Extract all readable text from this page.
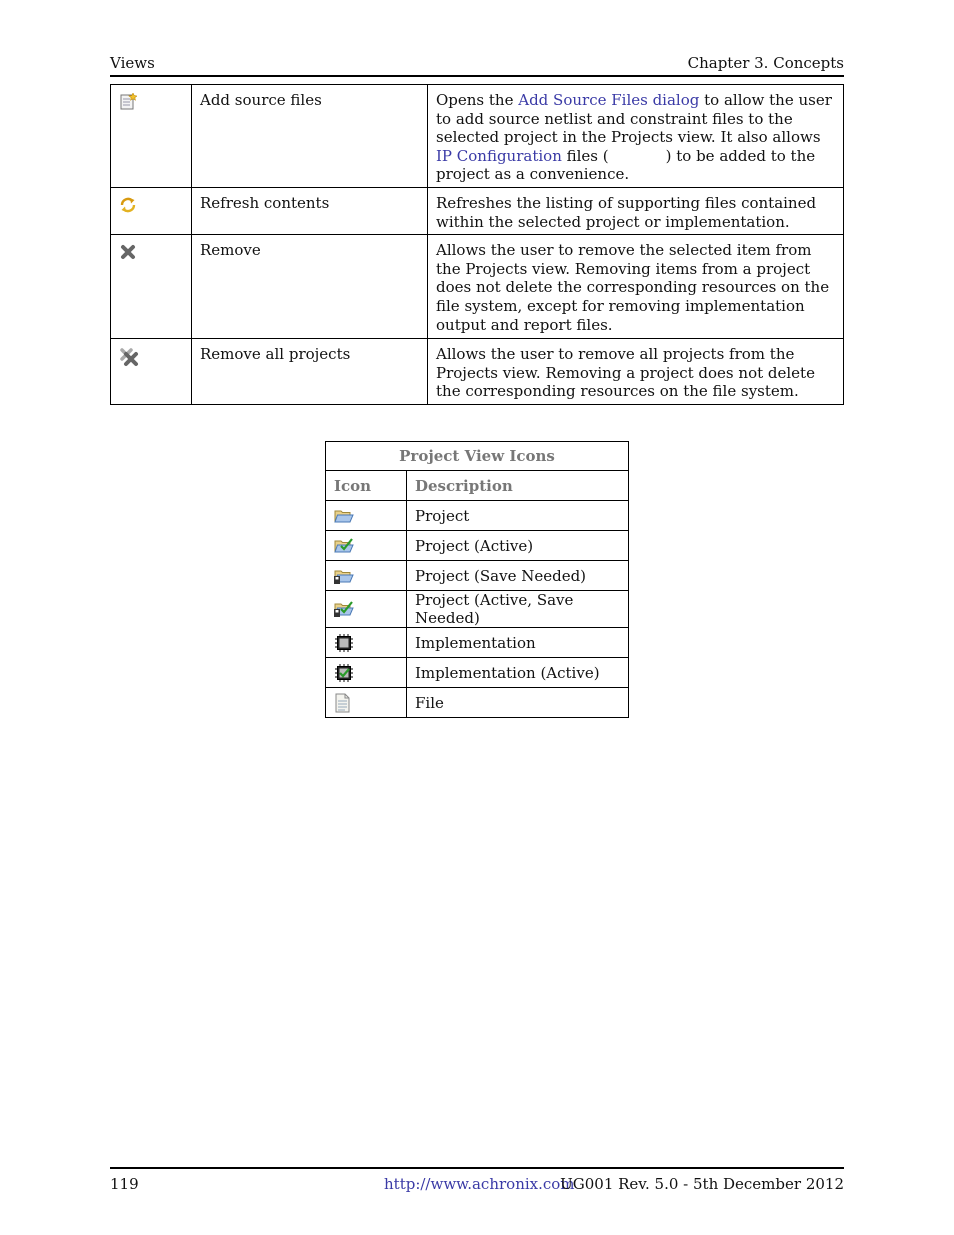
Views	Chapter 3. Concepts
	Add source files	Opens the Add Source Files dialog to allow the user to add source netlist and constraint files to the selected project in the Projects view. It also allows IP Configuration files ( ) to be added to the project as a convenience.

	Refresh contents	Refreshes the listing of supporting files contained within the selected project or implementation.

	Remove	Allows the user to remove the selected item from the Projects view. Removing items from a project does not delete the corresponding resources on the file system, except for removing implementation output and report files.

	Remove all projects	Allows the user to remove all projects from the Projects view. Removing a project does not delete the corresponding resources on the file system.
Project View Icons	
Icon	Description

	Project

	Project (Active)

	Project (Save Needed)

	Project (Active, Save Needed)

	Implementation

	Implementation (Active)

	File
119	http://www.achronix.com
UG001 Rev. 5.0 - 5th December 2012
